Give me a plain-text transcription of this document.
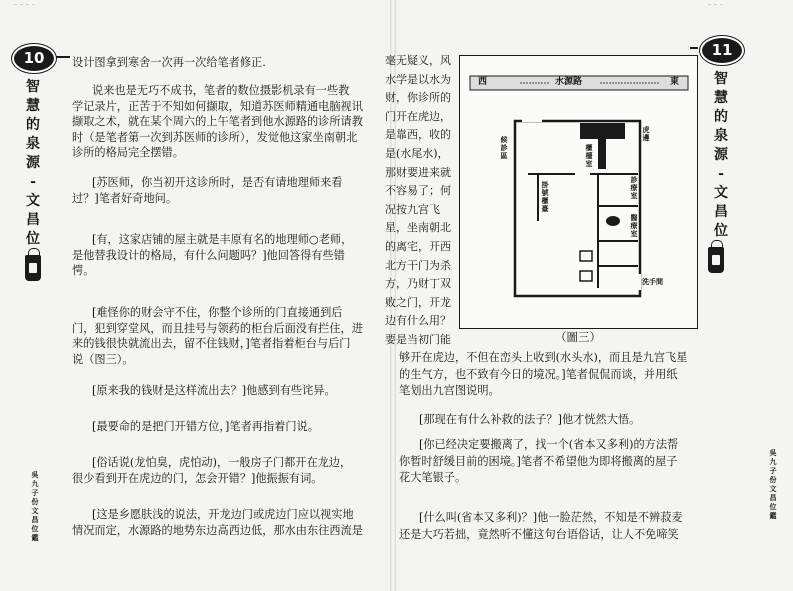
— — — —	— — —
10
智
慧
的
泉
源
-
文
昌
位
吳
九
子
份
文
昌
位
鑑
设计图拿到寒舍一次再一次给笔者修正.
说来也是无巧不成书，笔者的数位摄影机录有一些教
学记录片，正苦于不知如何撷取，知道苏医师精通电脑视讯
撷取之术，就在某个周六的上午笔者到他水源路的诊所请教
时（是笔者第一次到苏医师的诊所），发觉他这家坐南朝北
诊所的格局完全摆错。
[苏医师，你当初开这诊所时，是否有请地理师来看
过？]笔者好奇地问。
[有，这家店铺的屋主就是丰原有名的地理师○老师，
是他替我设计的格局，有什么问题吗？]他回答得有些错
愕。
[难怪你的财会守不住，你整个诊所的门直接通到后
门，犯到穿堂风，而且挂号与领药的柜台后面没有拦住，进
来的钱很快就流出去，留不住钱财，]笔者指着柜台与后门
说（图三）。
[原来我的钱财是这样流出去？]他感到有些诧异。
[最要命的是把门开错方位，]笔者再指着门说。
[俗话说(龙怕臭，虎怕动)，一般房子门都开在龙边，
很少看到开在虎边的门，怎会开错？]他振振有词。
[这是乡愿肤浅的说法，开龙边门或虎边门应以视实地
情况而定，水源路的地势东边高西边低，那水由东往西流是
11
智
慧
的
泉
源
-
文
昌
位
吳
九
子
份
文
昌
位
鑑
毫无疑义，风
水学是以水为
财，你诊所的
门开在虎边，
是靠西，收的
是(水尾水)，
那财要进来就
不容易了；何
况按九宫飞
星，坐南朝北
的离宅，开西
北方干门为杀
方，乃财丁双
败之门，开龙
边有什么用？
要是当初门能
西	水源路	東
候診區
掛號櫃臺
櫃檯室
虎邊
診療室
醫療室
洗手間
（圖三）
够开在虎边，不但在峦头上收到(水头水)，而且是九宫飞星
的生气方，也不致有今日的境况。]笔者侃侃而谈，并用纸
笔划出九宫图说明。
[那现在有什么补救的法子？]他才恍然大悟。
[你已经决定要搬离了，找一个(省本又多利)的方法帮
你暂时舒缓目前的困境。]笔者不希望他为即将搬离的屋子
花大笔银子。
[什么叫(省本又多利)？]他一脸茫然，不知是不辨菽麦
还是大巧若拙，竟然听不懂这句台语俗话，让人不免啼笑
